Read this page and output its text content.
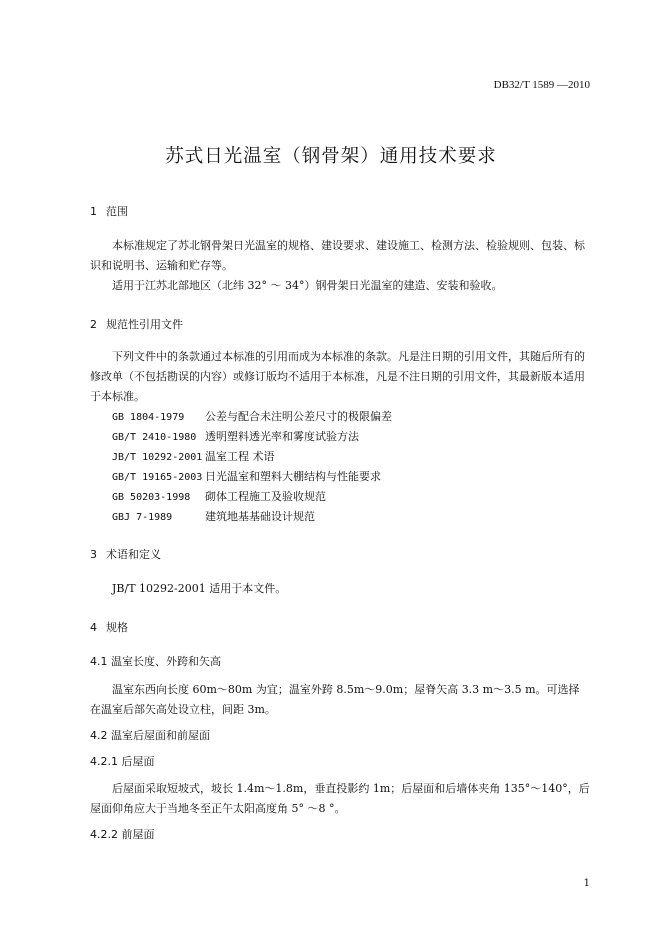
DB32/T 1589 —2010
苏式日光温室（钢骨架）通用技术要求
1 范围
本标准规定了苏北钢骨架日光温室的规格、建设要求、建设施工、检测方法、检验规则、包装、标识和说明书、运输和贮存等。
适用于江苏北部地区（北纬 32° ～ 34°）钢骨架日光温室的建造、安装和验收。
2 规范性引用文件
下列文件中的条款通过本标准的引用而成为本标准的条款。凡是注日期的引用文件，其随后所有的修改单（不包括勘误的内容）或修订版均不适用于本标准，凡是不注日期的引用文件，其最新版本适用于本标准。
GB 1804-1979 公差与配合未注明公差尺寸的极限偏差
GB/T 2410-1980 透明塑料透光率和雾度试验方法
JB/T 10292-2001 温室工程 术语
GB/T 19165-2003 日光温室和塑料大棚结构与性能要求
GB 50203-1998 砌体工程施工及验收规范
GBJ 7-1989	建筑地基基础设计规范
3 术语和定义
JB/T 10292-2001 适用于本文件。
4 规格
4.1 温室长度、外跨和矢高
温室东西向长度 60m～80m 为宜；温室外跨 8.5m～9.0m；屋脊矢高 3.3 m～3.5 m。可选择在温室后部矢高处设立柱，间距 3m。
4.2 温室后屋面和前屋面
4.2.1 后屋面
后屋面采取短坡式，坡长 1.4m～1.8m，垂直投影约 1m；后屋面和后墙体夹角 135°～140°，后屋面仰角应大于当地冬至正午太阳高度角 5° ～8 °。
4.2.2 前屋面
1
